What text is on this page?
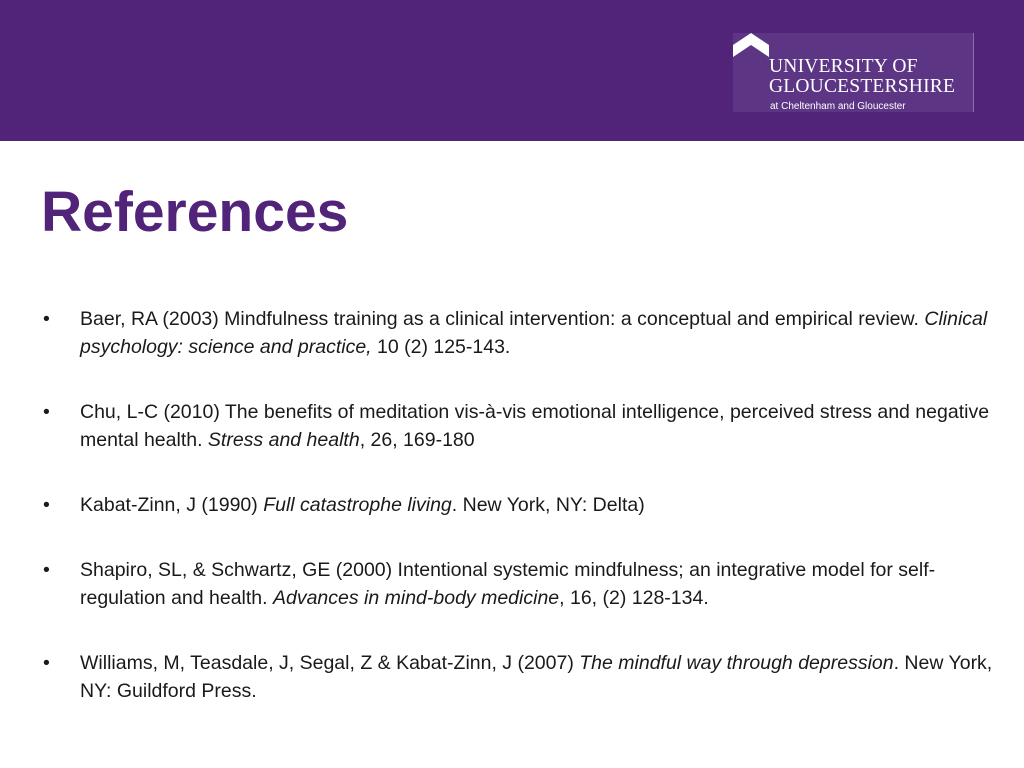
UNIVERSITY OF
GLOUCESTERSHIRE
at Cheltenham and Gloucester
References
• Baer, RA (2003) Mindfulness training as a clinical intervention: a conceptual and empirical review. Clinical psychology: science and practice, 10 (2) 125-143.
• Chu, L-C (2010) The benefits of meditation vis-à-vis emotional intelligence, perceived stress and negative mental health. Stress and health, 26, 169-180
• Kabat-Zinn, J (1990) Full catastrophe living. New York, NY: Delta)
• Shapiro, SL, & Schwartz, GE (2000) Intentional systemic mindfulness; an integrative model for self-regulation and health. Advances in mind-body medicine, 16, (2) 128-134.
• Williams, M, Teasdale, J, Segal, Z & Kabat-Zinn, J (2007) The mindful way through depression. New York, NY: Guildford Press.
